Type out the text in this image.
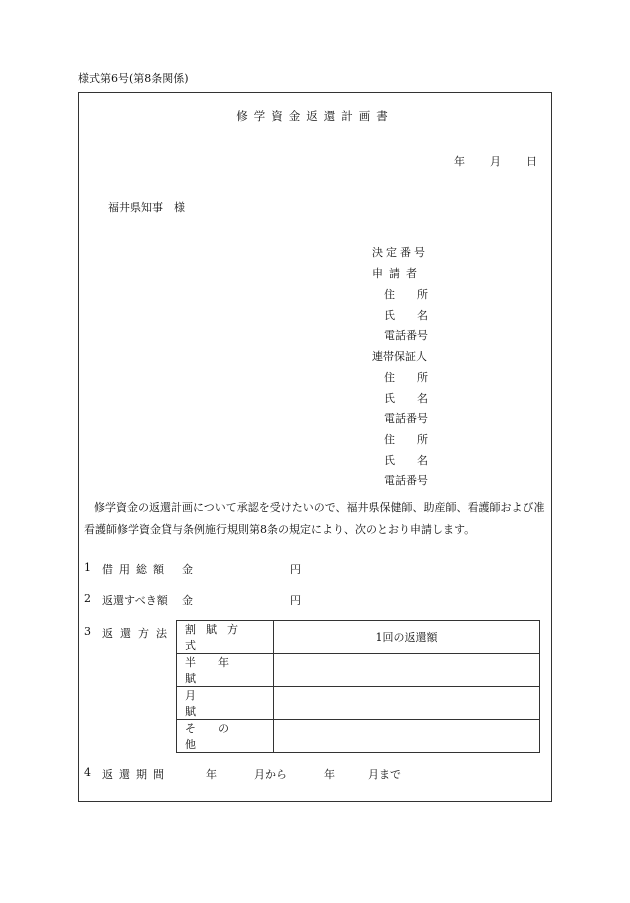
様式第6号(第8条関係)
修学資金返還計画書
年 月 日
福井県知事　様
決定番号
申請者
住　　所
氏　　名
電話番号
連帯保証人
住　　所
氏　　名
電話番号
住　　所
氏　　名
電話番号
修学資金の返還計画について承認を受けたいので、福井県保健師、助産師、看護師および准看護師修学資金貸与条例施行規則第8条の規定により、次のとおり申請します。
1 借用総額 金	円
2 返還すべき額 金	円
3 返還方法 割賦方式	1回の返還額
半年賦	
月賦	
その他	
4 返還期間	年	月から	年	月まで
